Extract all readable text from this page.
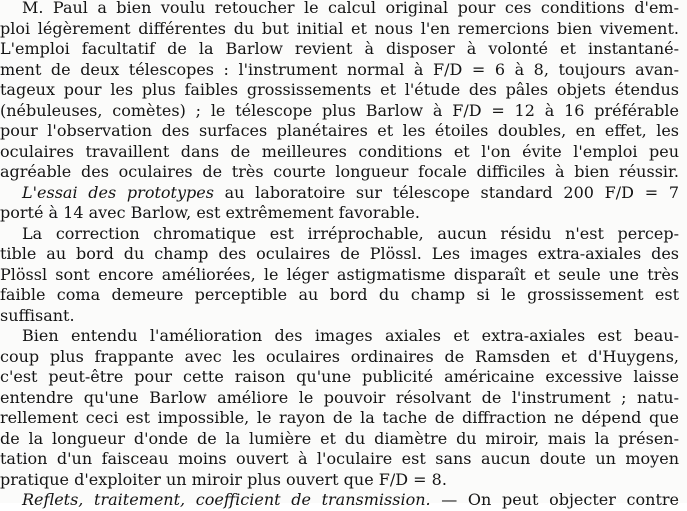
M. Paul a bien voulu retoucher le calcul original pour ces conditions d'em-
ploi légèrement différentes du but initial et nous l'en remercions bien vivement.
L'emploi facultatif de la Barlow revient à disposer à volonté et instantané-
ment de deux télescopes : l'instrument normal à F/D = 6 à 8, toujours avan-
tageux pour les plus faibles grossissements et l'étude des pâles objets étendus
(nébuleuses, comètes) ; le télescope plus Barlow à F/D = 12 à 16 préférable
pour l'observation des surfaces planétaires et les étoiles doubles, en effet, les
oculaires travaillent dans de meilleures conditions et l'on évite l'emploi peu
agréable des oculaires de très courte longueur focale difficiles à bien réussir.
L'essai des prototypes au laboratoire sur télescope standard 200 F/D = 7
porté à 14 avec Barlow, est extrêmement favorable.
La correction chromatique est irréprochable, aucun résidu n'est percep-
tible au bord du champ des oculaires de Plössl. Les images extra-axiales des
Plössl sont encore améliorées, le léger astigmatisme disparaît et seule une très
faible coma demeure perceptible au bord du champ si le grossissement est
suffisant.
Bien entendu l'amélioration des images axiales et extra-axiales est beau-
coup plus frappante avec les oculaires ordinaires de Ramsden et d'Huygens,
c'est peut-être pour cette raison qu'une publicité américaine excessive laisse
entendre qu'une Barlow améliore le pouvoir résolvant de l'instrument ; natu-
rellement ceci est impossible, le rayon de la tache de diffraction ne dépend que
de la longueur d'onde de la lumière et du diamètre du miroir, mais la présen-
tation d'un faisceau moins ouvert à l'oculaire est sans aucun doute un moyen
pratique d'exploiter un miroir plus ouvert que F/D = 8.
Reflets, traitement, coefficient de transmission. — On peut objecter contre
